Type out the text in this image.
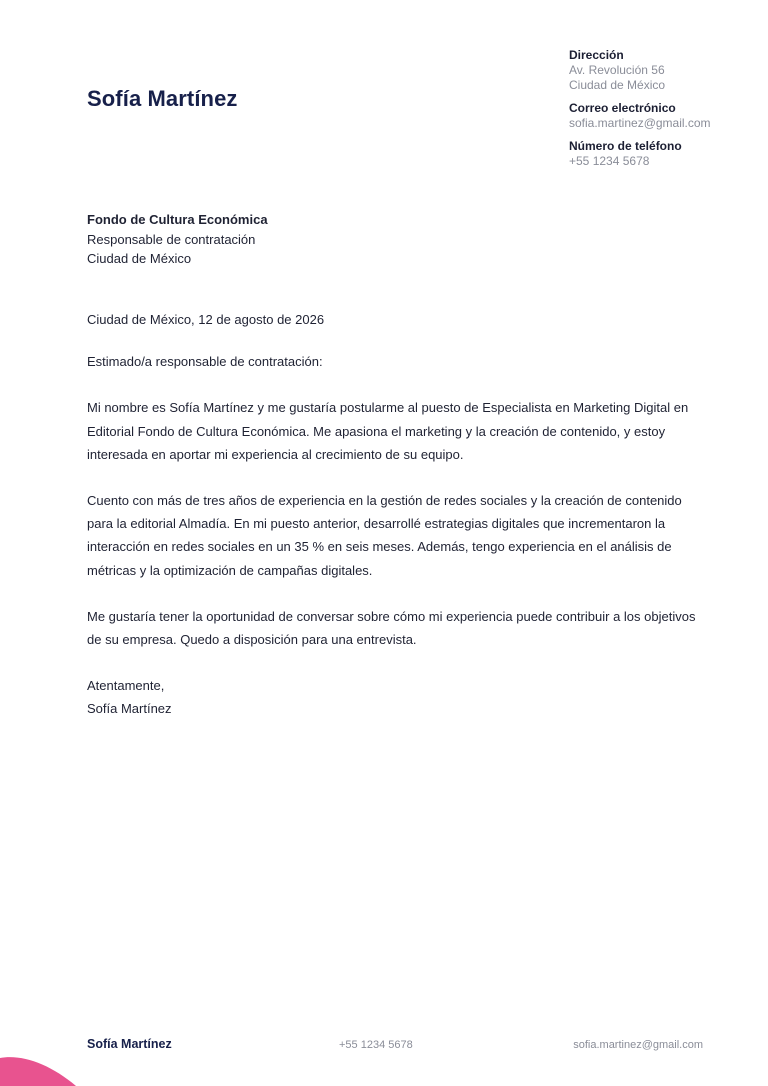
Sofía Martínez
Dirección
Av. Revolución 56
Ciudad de México
Correo electrónico
sofia.martinez@gmail.com
Número de teléfono
+55 1234 5678
Fondo de Cultura Económica
Responsable de contratación
Ciudad de México

Ciudad de México, 12 de agosto de 2026

Estimado/a responsable de contratación:

Mi nombre es Sofía Martínez y me gustaría postularme al puesto de Especialista en Marketing Digital en Editorial Fondo de Cultura Económica. Me apasiona el marketing y la creación de contenido, y estoy interesada en aportar mi experiencia al crecimiento de su equipo.

Cuento con más de tres años de experiencia en la gestión de redes sociales y la creación de contenido para la editorial Almadía. En mi puesto anterior, desarrollé estrategias digitales que incrementaron la interacción en redes sociales en un 35 % en seis meses. Además, tengo experiencia en el análisis de métricas y la optimización de campañas digitales.

Me gustaría tener la oportunidad de conversar sobre cómo mi experiencia puede contribuir a los objetivos de su empresa. Quedo a disposición para una entrevista.

Atentamente,
Sofía Martínez

Sofía Martínez	+55 1234 5678	sofia.martinez@gmail.com
